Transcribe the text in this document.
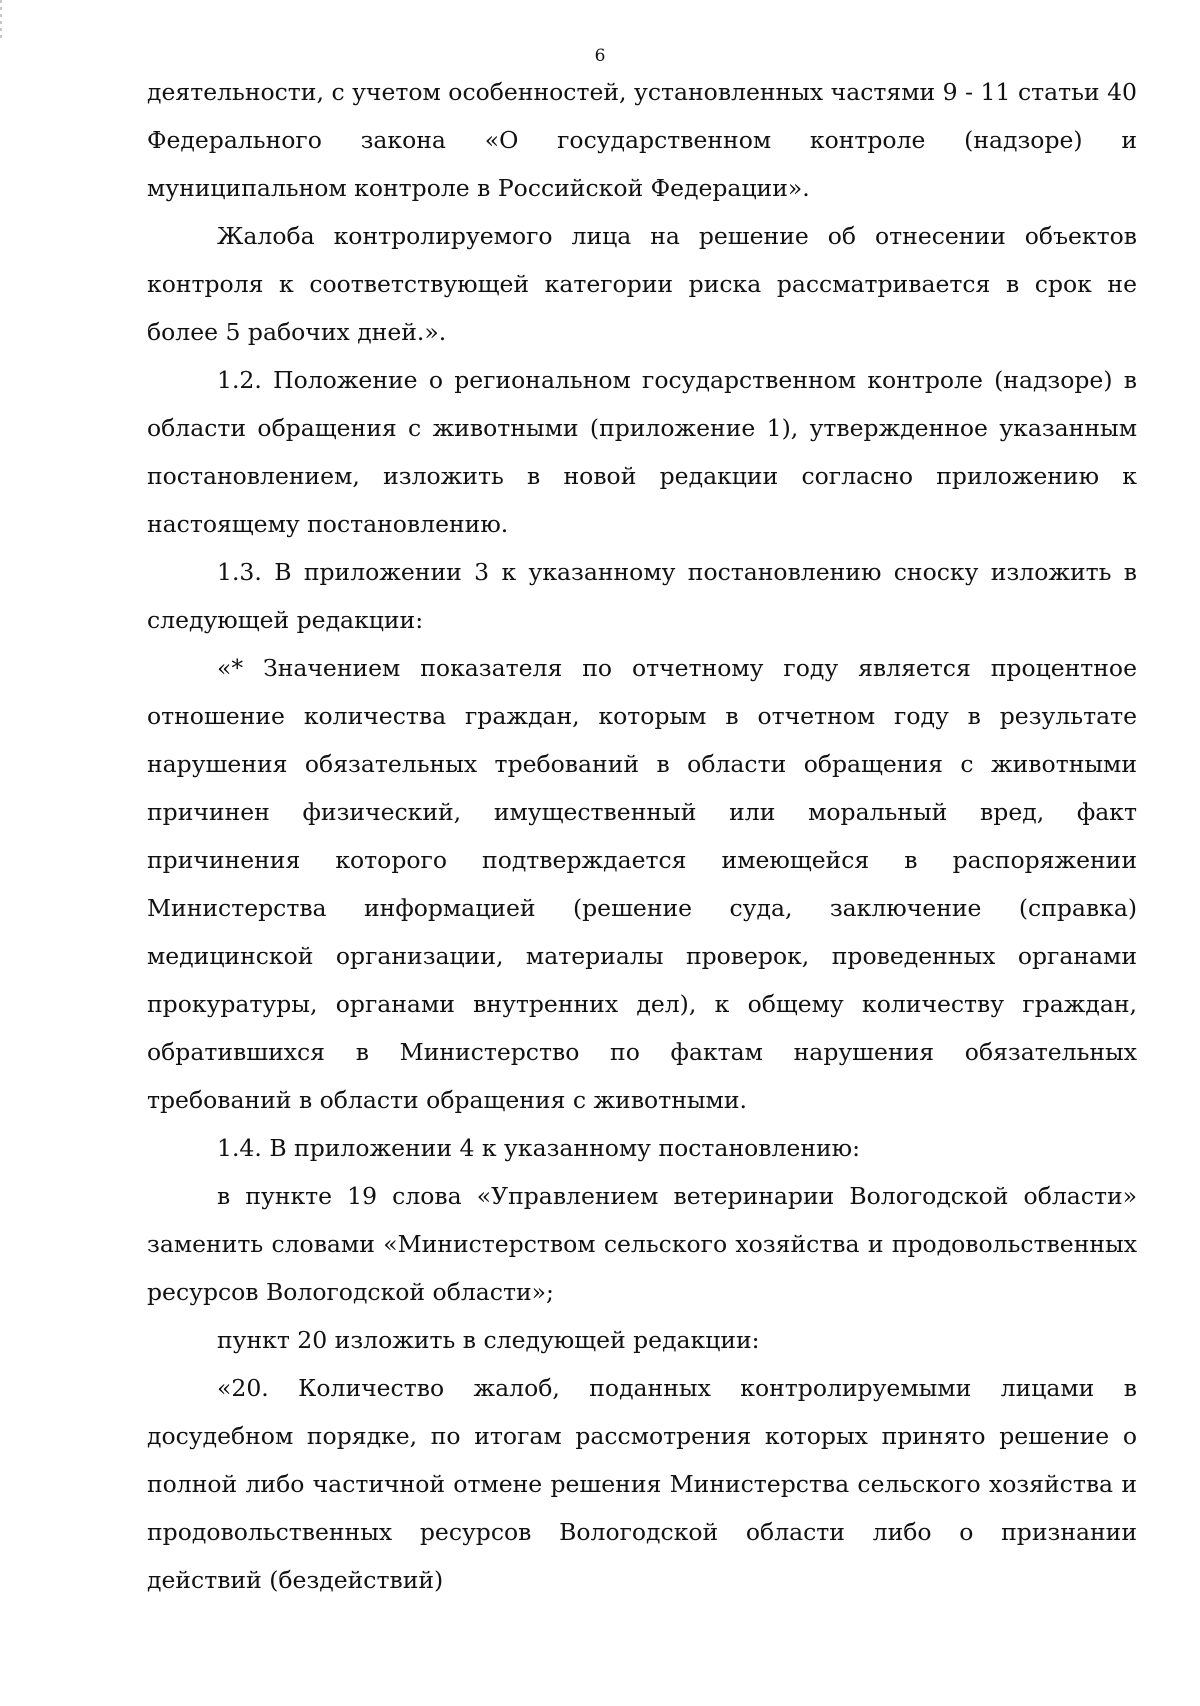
6

деятельности, с учетом особенностей, установленных частями 9 - 11 статьи 40 Федерального закона «О государственном контроле (надзоре) и муниципальном контроле в Российской Федерации».

Жалоба контролируемого лица на решение об отнесении объектов контроля к соответствующей категории риска рассматривается в срок не более 5 рабочих дней.».

1.2. Положение о региональном государственном контроле (надзоре) в области обращения с животными (приложение 1), утвержденное указанным постановлением, изложить в новой редакции согласно приложению к настоящему постановлению.

1.3. В приложении 3 к указанному постановлению сноску изложить в следующей редакции:

«* Значением показателя по отчетному году является процентное отношение количества граждан, которым в отчетном году в результате нарушения обязательных требований в области обращения с животными причинен физический, имущественный или моральный вред, факт причинения которого подтверждается имеющейся в распоряжении Министерства информацией (решение суда, заключение (справка) медицинской организации, материалы проверок, проведенных органами прокуратуры, органами внутренних дел), к общему количеству граждан, обратившихся в Министерство по фактам нарушения обязательных требований в области обращения с животными.

1.4. В приложении 4 к указанному постановлению:

в пункте 19 слова «Управлением ветеринарии Вологодской области» заменить словами «Министерством сельского хозяйства и продовольственных ресурсов Вологодской области»;

пункт 20 изложить в следующей редакции:

«20. Количество жалоб, поданных контролируемыми лицами в досудебном порядке, по итогам рассмотрения которых принято решение о полной либо частичной отмене решения Министерства сельского хозяйства и продовольственных ресурсов Вологодской области либо о признании действий (бездействий)
